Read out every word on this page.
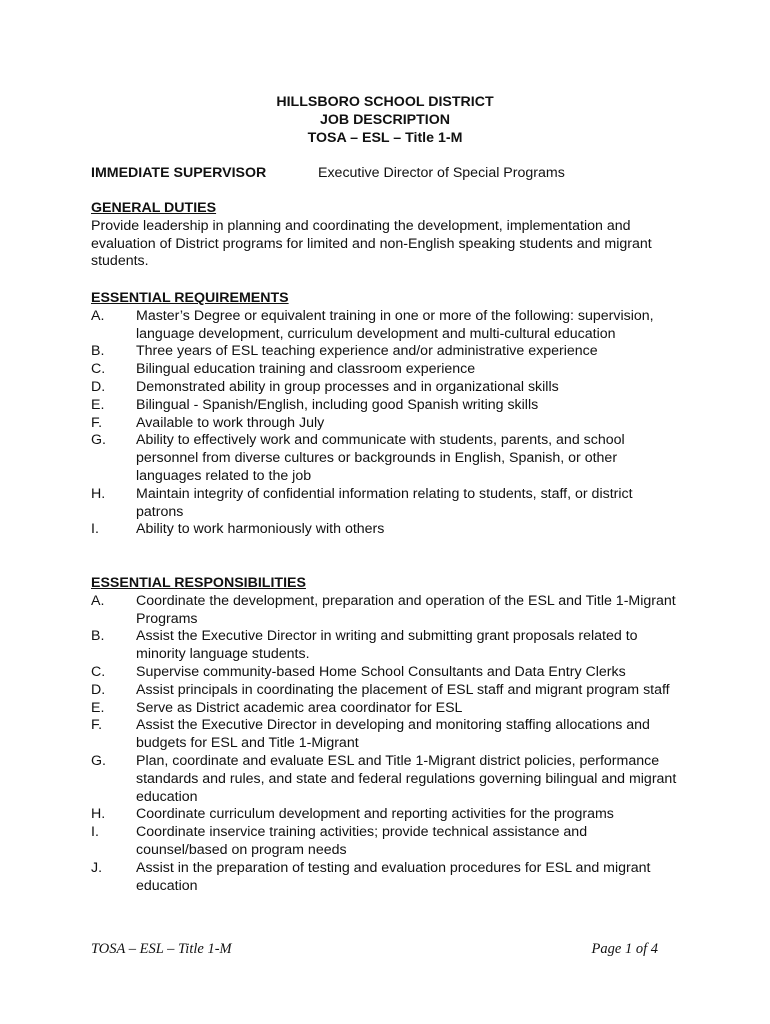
HILLSBORO SCHOOL DISTRICT
JOB DESCRIPTION
TOSA – ESL – Title 1-M
IMMEDIATE SUPERVISOR	Executive Director of Special Programs
GENERAL DUTIES
Provide leadership in planning and coordinating the development, implementation and evaluation of District programs for limited and non-English speaking students and migrant students.
ESSENTIAL REQUIREMENTS
A. Master’s Degree or equivalent training in one or more of the following: supervision, language development, curriculum development and multi-cultural education
B. Three years of ESL teaching experience and/or administrative experience
C. Bilingual education training and classroom experience
D. Demonstrated ability in group processes and in organizational skills
E. Bilingual - Spanish/English, including good Spanish writing skills
F. Available to work through July
G. Ability to effectively work and communicate with students, parents, and school personnel from diverse cultures or backgrounds in English, Spanish, or other languages related to the job
H. Maintain integrity of confidential information relating to students, staff, or district patrons
I.	Ability to work harmoniously with others
ESSENTIAL RESPONSIBILITIES
A. Coordinate the development, preparation and operation of the ESL and Title 1-Migrant Programs
B. Assist the Executive Director in writing and submitting grant proposals related to minority language students.
C. Supervise community-based Home School Consultants and Data Entry Clerks
D. Assist principals in coordinating the placement of ESL staff and migrant program staff
E. Serve as District academic area coordinator for ESL
F. Assist the Executive Director in developing and monitoring staffing allocations and budgets for ESL and Title 1-Migrant
G. Plan, coordinate and evaluate ESL and Title 1-Migrant district policies, performance standards and rules, and state and federal regulations governing bilingual and migrant education
H. Coordinate curriculum development and reporting activities for the programs
I.	Coordinate inservice training activities; provide technical assistance and counsel/based on program needs
J. Assist in the preparation of testing and evaluation procedures for ESL and migrant education
TOSA – ESL – Title 1-M	Page 1 of 4
